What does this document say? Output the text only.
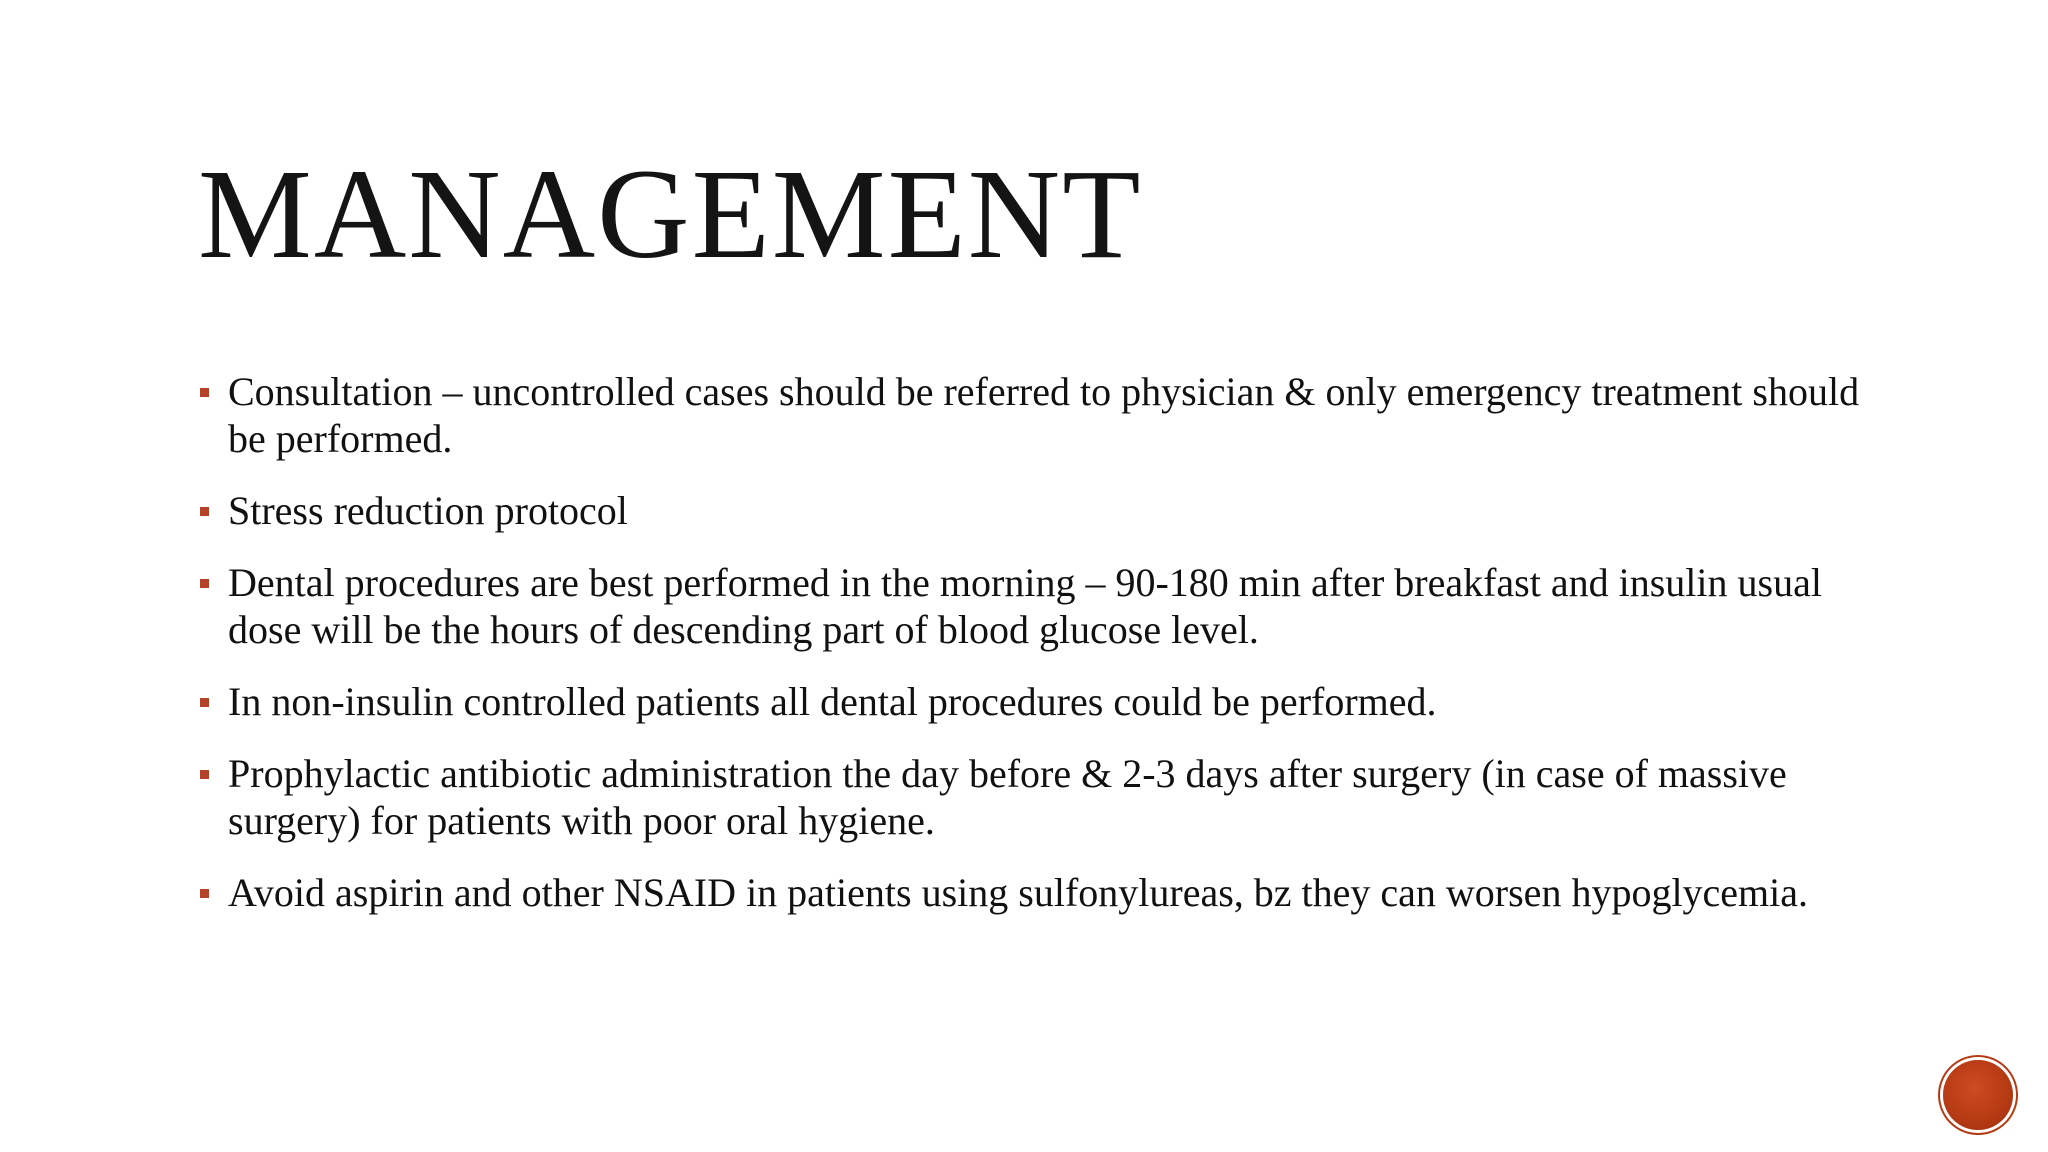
MANAGEMENT
Consultation – uncontrolled cases should be referred to physician & only emergency treatment should be performed.
Stress reduction protocol
Dental procedures are best performed in the morning – 90-180 min after breakfast and insulin usual dose will be the hours of descending part of blood glucose level.
In non-insulin controlled patients all dental procedures could be performed.
Prophylactic antibiotic administration the day before & 2-3 days after surgery (in case of massive surgery) for patients with poor oral hygiene.
Avoid aspirin and other NSAID in patients using sulfonylureas, bz they can worsen hypoglycemia.
